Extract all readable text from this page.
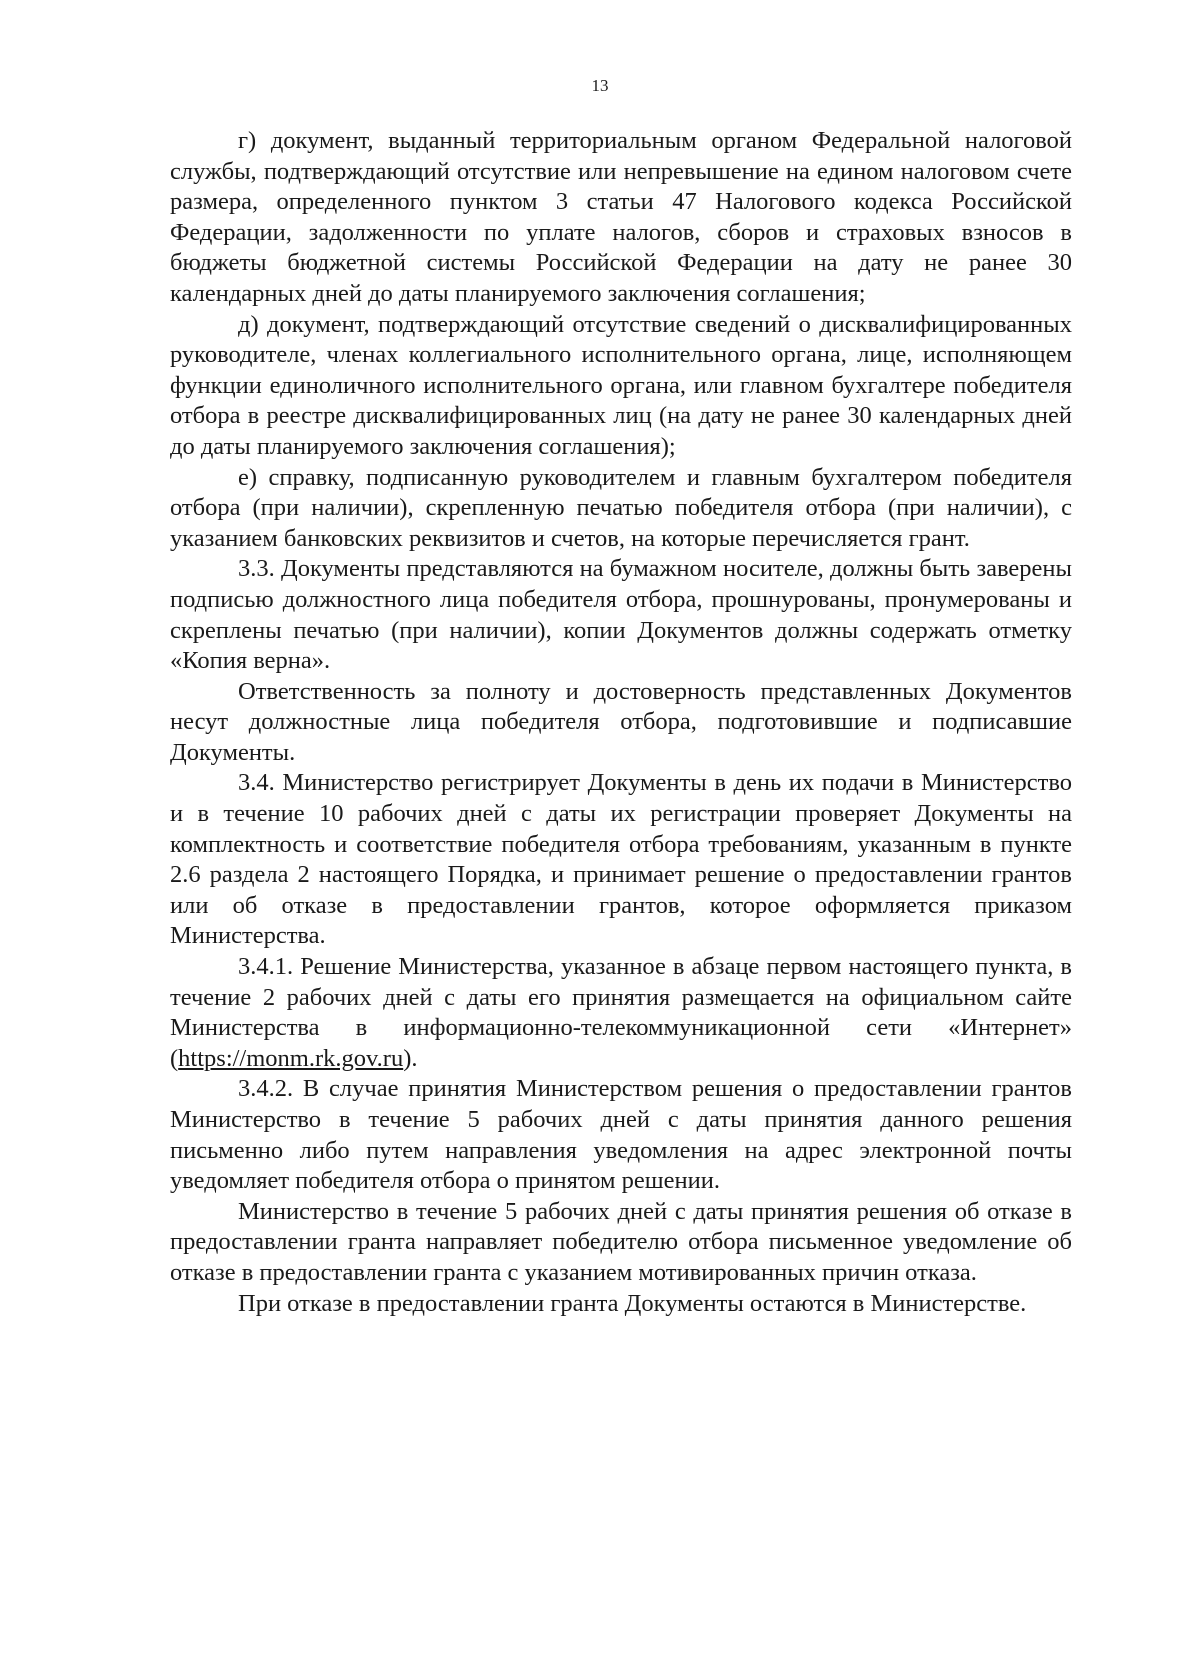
13

г) документ, выданный территориальным органом Федеральной налоговой службы, подтверждающий отсутствие или непревышение на едином налоговом счете размера, определенного пунктом 3 статьи 47 Налогового кодекса Российской Федерации, задолженности по уплате налогов, сборов и страховых взносов в бюджеты бюджетной системы Российской Федерации на дату не ранее 30 календарных дней до даты планируемого заключения соглашения;

д) документ, подтверждающий отсутствие сведений о дисквалифицированных руководителе, членах коллегиального исполнительного органа, лице, исполняющем функции единоличного исполнительного органа, или главном бухгалтере победителя отбора в реестре дисквалифицированных лиц (на дату не ранее 30 календарных дней до даты планируемого заключения соглашения);

е) справку, подписанную руководителем и главным бухгалтером победителя отбора (при наличии), скрепленную печатью победителя отбора (при наличии), с указанием банковских реквизитов и счетов, на которые перечисляется грант.

3.3. Документы представляются на бумажном носителе, должны быть заверены подписью должностного лица победителя отбора, прошнурованы, пронумерованы и скреплены печатью (при наличии), копии Документов должны содержать отметку «Копия верна».

Ответственность за полноту и достоверность представленных Документов несут должностные лица победителя отбора, подготовившие и подписавшие Документы.

3.4. Министерство регистрирует Документы в день их подачи в Министерство и в течение 10 рабочих дней с даты их регистрации проверяет Документы на комплектность и соответствие победителя отбора требованиям, указанным в пункте 2.6 раздела 2 настоящего Порядка, и принимает решение о предоставлении грантов или об отказе в предоставлении грантов, которое оформляется приказом Министерства.

3.4.1. Решение Министерства, указанное в абзаце первом настоящего пункта, в течение 2 рабочих дней с даты его принятия размещается на официальном сайте Министерства в информационно-телекоммуникационной сети «Интернет» (https://monm.rk.gov.ru).

3.4.2. В случае принятия Министерством решения о предоставлении грантов Министерство в течение 5 рабочих дней с даты принятия данного решения письменно либо путем направления уведомления на адрес электронной почты уведомляет победителя отбора о принятом решении.

Министерство в течение 5 рабочих дней с даты принятия решения об отказе в предоставлении гранта направляет победителю отбора письменное уведомление об отказе в предоставлении гранта с указанием мотивированных причин отказа.

При отказе в предоставлении гранта Документы остаются в Министерстве.
